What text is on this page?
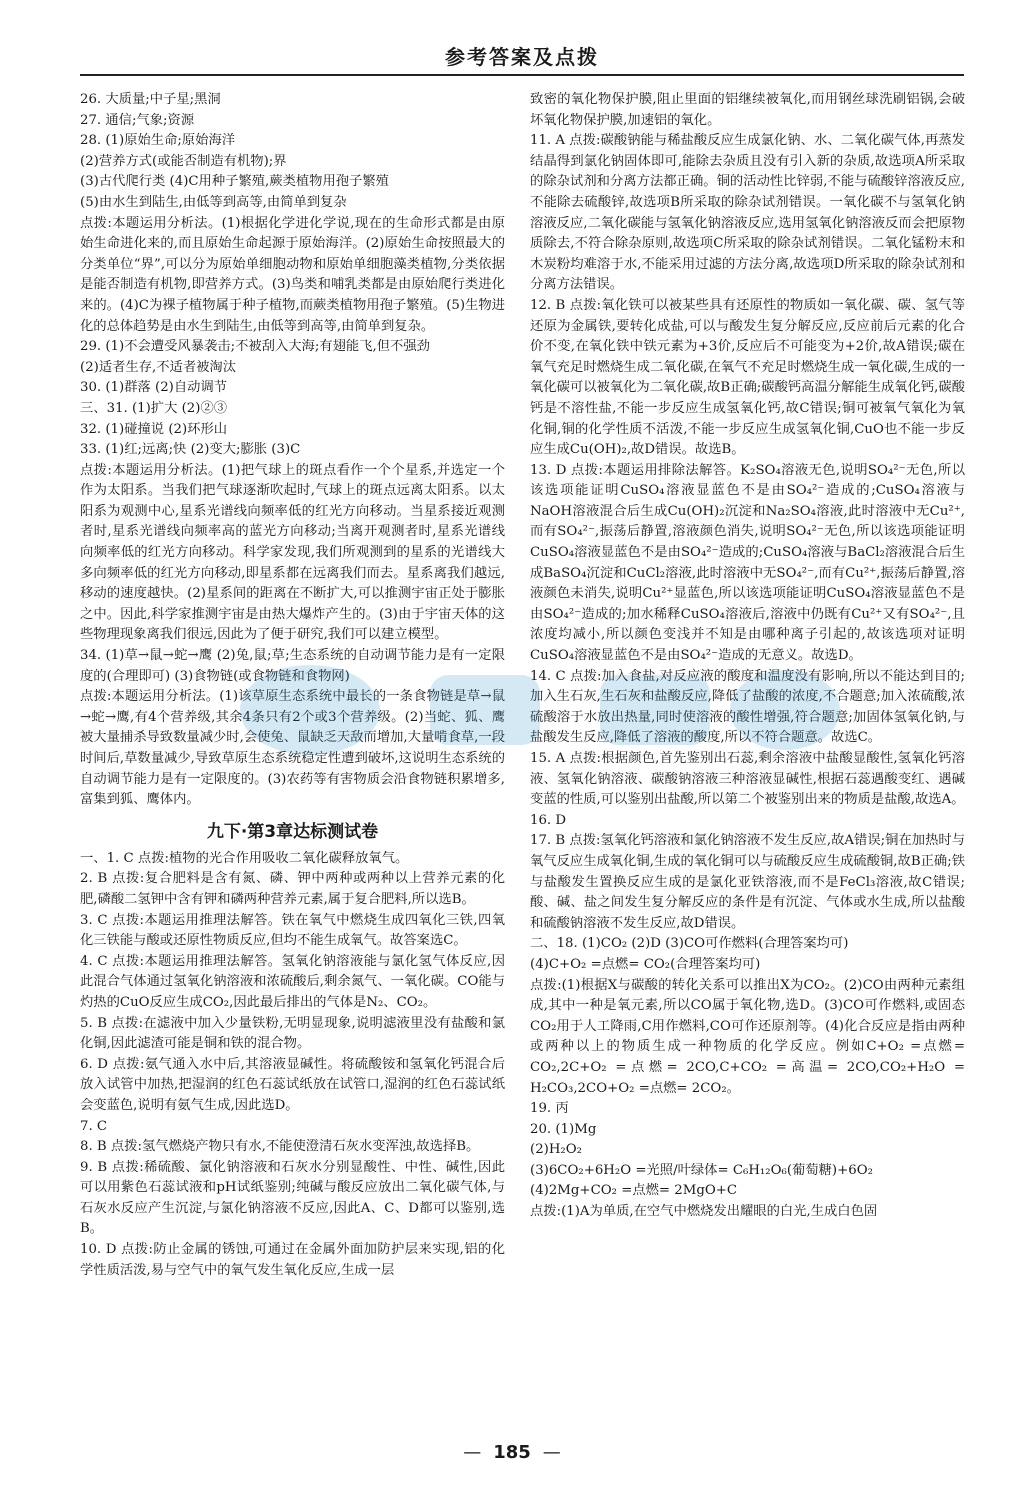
参考答案及点拨

26. 大质量;中子星;黑洞

27. 通信;气象;资源

28. (1)原始生命;原始海洋

(2)营养方式(或能否制造有机物);界

(3)古代爬行类 (4)C用种子繁殖,蕨类植物用孢子繁殖

(5)由水生到陆生,由低等到高等,由简单到复杂

点拨:本题运用分析法。(1)根据化学进化学说,现在的生命形式都是由原始生命进化来的,而且原始生命起源于原始海洋。(2)原始生命按照最大的分类单位“界”,可以分为原始单细胞动物和原始单细胞藻类植物,分类依据是能否制造有机物,即营养方式。(3)鸟类和哺乳类都是由原始爬行类进化来的。(4)C为裸子植物属于种子植物,而蕨类植物用孢子繁殖。(5)生物进化的总体趋势是由水生到陆生,由低等到高等,由简单到复杂。

29. (1)不会遭受风暴袭击;不被刮入大海;有翅能飞,但不强劲

(2)适者生存,不适者被淘汰

30. (1)群落 (2)自动调节

三、31. (1)扩大 (2)②③

32. (1)碰撞说 (2)环形山

33. (1)红;远离;快 (2)变大;膨胀 (3)C

点拨:本题运用分析法。(1)把气球上的斑点看作一个个星系,并选定一个作为太阳系。当我们把气球逐渐吹起时,气球上的斑点远离太阳系。以太阳系为观测中心,星系光谱线向频率低的红光方向移动。当星系接近观测者时,星系光谱线向频率高的蓝光方向移动;当离开观测者时,星系光谱线向频率低的红光方向移动。科学家发现,我们所观测到的星系的光谱线大多向频率低的红光方向移动,即星系都在远离我们而去。星系离我们越远,移动的速度越快。(2)星系间的距离在不断扩大,可以推测宇宙正处于膨胀之中。因此,科学家推测宇宙是由热大爆炸产生的。(3)由于宇宙天体的这些物理现象离我们很远,因此为了便于研究,我们可以建立模型。

34. (1)草→鼠→蛇→鹰 (2)兔,鼠;草;生态系统的自动调节能力是有一定限度的(合理即可) (3)食物链(或食物链和食物网)

点拨:本题运用分析法。(1)该草原生态系统中最长的一条食物链是草→鼠→蛇→鹰,有4个营养级,其余4条只有2个或3个营养级。(2)当蛇、狐、鹰被大量捕杀导致数量减少时,会使兔、鼠缺乏天敌而增加,大量啃食草,一段时间后,草数量减少,导致草原生态系统稳定性遭到破坏,这说明生态系统的自动调节能力是有一定限度的。(3)农药等有害物质会沿食物链积累增多,富集到狐、鹰体内。

九下·第3章达标测试卷

一、1. C 点拨:植物的光合作用吸收二氧化碳释放氧气。

2. B 点拨:复合肥料是含有氮、磷、钾中两种或两种以上营养元素的化肥,磷酸二氢钾中含有钾和磷两种营养元素,属于复合肥料,所以选B。

3. C 点拨:本题运用推理法解答。铁在氧气中燃烧生成四氧化三铁,四氧化三铁能与酸或还原性物质反应,但均不能生成氧气。故答案选C。

4. C 点拨:本题运用推理法解答。氢氧化钠溶液能与氯化氢气体反应,因此混合气体通过氢氧化钠溶液和浓硫酸后,剩余氮气、一氧化碳。CO能与灼热的CuO反应生成CO₂,因此最后排出的气体是N₂、CO₂。

5. B 点拨:在滤液中加入少量铁粉,无明显现象,说明滤液里没有盐酸和氯化铜,因此滤渣可能是铜和铁的混合物。

6. D 点拨:氨气通入水中后,其溶液显碱性。将硫酸铵和氢氧化钙混合后放入试管中加热,把湿润的红色石蕊试纸放在试管口,湿润的红色石蕊试纸会变蓝色,说明有氨气生成,因此选D。

7. C

8. B 点拨:氢气燃烧产物只有水,不能使澄清石灰水变浑浊,故选择B。

9. B 点拨:稀硫酸、氯化钠溶液和石灰水分别显酸性、中性、碱性,因此可以用紫色石蕊试液和pH试纸鉴别;纯碱与酸反应放出二氧化碳气体,与石灰水反应产生沉淀,与氯化钠溶液不反应,因此A、C、D都可以鉴别,选B。

10. D 点拨:防止金属的锈蚀,可通过在金属外面加防护层来实现,铝的化学性质活泼,易与空气中的氧气发生氧化反应,生成一层

致密的氧化物保护膜,阻止里面的铝继续被氧化,而用钢丝球洗刷铝锅,会破坏氧化物保护膜,加速铝的氧化。

11. A 点拨:碳酸钠能与稀盐酸反应生成氯化钠、水、二氧化碳气体,再蒸发结晶得到氯化钠固体即可,能除去杂质且没有引入新的杂质,故选项A所采取的除杂试剂和分离方法都正确。铜的活动性比锌弱,不能与硫酸锌溶液反应,不能除去硫酸锌,故选项B所采取的除杂试剂错误。一氧化碳不与氢氧化钠溶液反应,二氧化碳能与氢氧化钠溶液反应,选用氢氧化钠溶液反而会把原物质除去,不符合除杂原则,故选项C所采取的除杂试剂错误。二氧化锰粉末和木炭粉均难溶于水,不能采用过滤的方法分离,故选项D所采取的除杂试剂和分离方法错误。

12. B 点拨:氧化铁可以被某些具有还原性的物质如一氧化碳、碳、氢气等还原为金属铁,要转化成盐,可以与酸发生复分解反应,反应前后元素的化合价不变,在氧化铁中铁元素为+3价,反应后不可能变为+2价,故A错误;碳在氧气充足时燃烧生成二氧化碳,在氧气不充足时燃烧生成一氧化碳,生成的一氧化碳可以被氧化为二氧化碳,故B正确;碳酸钙高温分解能生成氧化钙,碳酸钙是不溶性盐,不能一步反应生成氢氧化钙,故C错误;铜可被氧气氧化为氧化铜,铜的化学性质不活泼,不能一步反应生成氢氧化铜,CuO也不能一步反应生成Cu(OH)₂,故D错误。故选B。

13. D 点拨:本题运用排除法解答。K₂SO₄溶液无色,说明SO₄²⁻无色,所以该选项能证明CuSO₄溶液显蓝色不是由SO₄²⁻造成的;CuSO₄溶液与NaOH溶液混合后生成Cu(OH)₂沉淀和Na₂SO₄溶液,此时溶液中无Cu²⁺,而有SO₄²⁻,振荡后静置,溶液颜色消失,说明SO₄²⁻无色,所以该选项能证明CuSO₄溶液显蓝色不是由SO₄²⁻造成的;CuSO₄溶液与BaCl₂溶液混合后生成BaSO₄沉淀和CuCl₂溶液,此时溶液中无SO₄²⁻,而有Cu²⁺,振荡后静置,溶液颜色未消失,说明Cu²⁺显蓝色,所以该选项能证明CuSO₄溶液显蓝色不是由SO₄²⁻造成的;加水稀释CuSO₄溶液后,溶液中仍既有Cu²⁺又有SO₄²⁻,且浓度均减小,所以颜色变浅并不知是由哪种离子引起的,故该选项对证明CuSO₄溶液显蓝色不是由SO₄²⁻造成的无意义。故选D。

14. C 点拨:加入食盐,对反应液的酸度和温度没有影响,所以不能达到目的;加入生石灰,生石灰和盐酸反应,降低了盐酸的浓度,不合题意;加入浓硫酸,浓硫酸溶于水放出热量,同时使溶液的酸性增强,符合题意;加固体氢氧化钠,与盐酸发生反应,降低了溶液的酸度,所以不符合题意。故选C。

15. A 点拨:根据颜色,首先鉴别出石蕊,剩余溶液中盐酸显酸性,氢氧化钙溶液、氢氧化钠溶液、碳酸钠溶液三种溶液显碱性,根据石蕊遇酸变红、遇碱变蓝的性质,可以鉴别出盐酸,所以第二个被鉴别出来的物质是盐酸,故选A。

16. D

17. B 点拨:氢氧化钙溶液和氯化钠溶液不发生反应,故A错误;铜在加热时与氧气反应生成氧化铜,生成的氧化铜可以与硫酸反应生成硫酸铜,故B正确;铁与盐酸发生置换反应生成的是氯化亚铁溶液,而不是FeCl₃溶液,故C错误;酸、碱、盐之间发生复分解反应的条件是有沉淀、气体或水生成,所以盐酸和硫酸钠溶液不发生反应,故D错误。

二、18. (1)CO₂ (2)D (3)CO可作燃料(合理答案均可)

(4)C+O₂ =点燃= CO₂(合理答案均可)

点拨:(1)根据X与碳酸的转化关系可以推出X为CO₂。(2)CO由两种元素组成,其中一种是氧元素,所以CO属于氧化物,选D。(3)CO可作燃料,或固态CO₂用于人工降雨,C用作燃料,CO可作还原剂等。(4)化合反应是指由两种或两种以上的物质生成一种物质的化学反应。例如C+O₂ =点燃= CO₂,2C+O₂ =点燃= 2CO,C+CO₂ =高温= 2CO,CO₂+H₂O = H₂CO₃,2CO+O₂ =点燃= 2CO₂。

19. 丙

20. (1)Mg

(2)H₂O₂

(3)6CO₂+6H₂O =光照/叶绿体= C₆H₁₂O₆(葡萄糖)+6O₂

(4)2Mg+CO₂ =点燃= 2MgO+C

点拨:(1)A为单质,在空气中燃烧发出耀眼的白光,生成白色固

— 185 —
